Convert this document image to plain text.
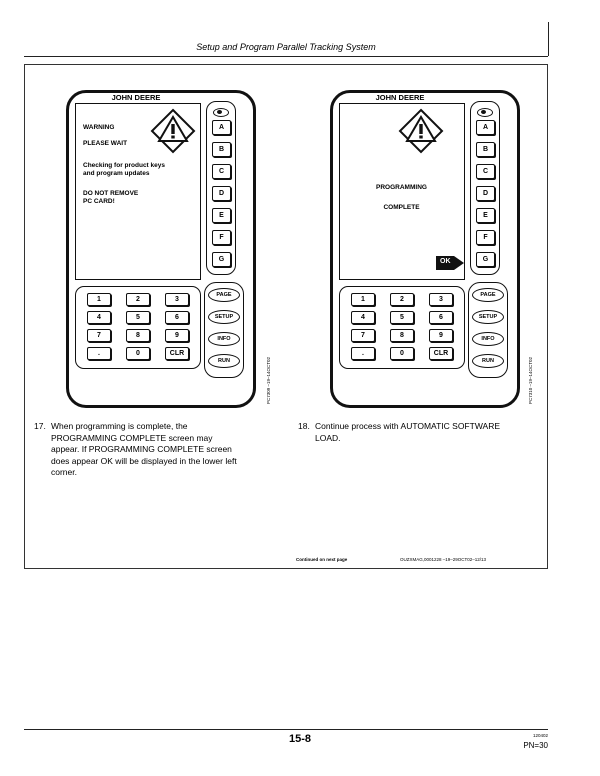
Setup and Program Parallel Tracking System
JOHN DEERE
WARNING
PLEASE WAIT
Checking for product keys
and program updates
DO NOT REMOVE
PC CARD!
A
B
C
D
E
F
G
1	2	3
4	5	6
7	8	9
.	0	CLR
PAGE
SETUP
INFO
RUN	PC7309 –19–14OCT02
JOHN DEERE
PROGRAMMING
COMPLETE
OK
A
B
C
D
E
F
G
1	2	3
4	5	6
7	8	9
.	0	CLR
PAGE
SETUP
INFO
RUN	PC7310 –19–14OCT02
17. When programming is complete, the
PROGRAMMING COMPLETE screen may
appear. If PROGRAMMING COMPLETE screen
does appear OK will be displayed in the lower left
corner.
18. Continue process with AUTOMATIC SOFTWARE
LOAD.
Continued on next page	OUZXMAG,0001228 –19–29OCT02–12/13
15-8	120402
PN=30
